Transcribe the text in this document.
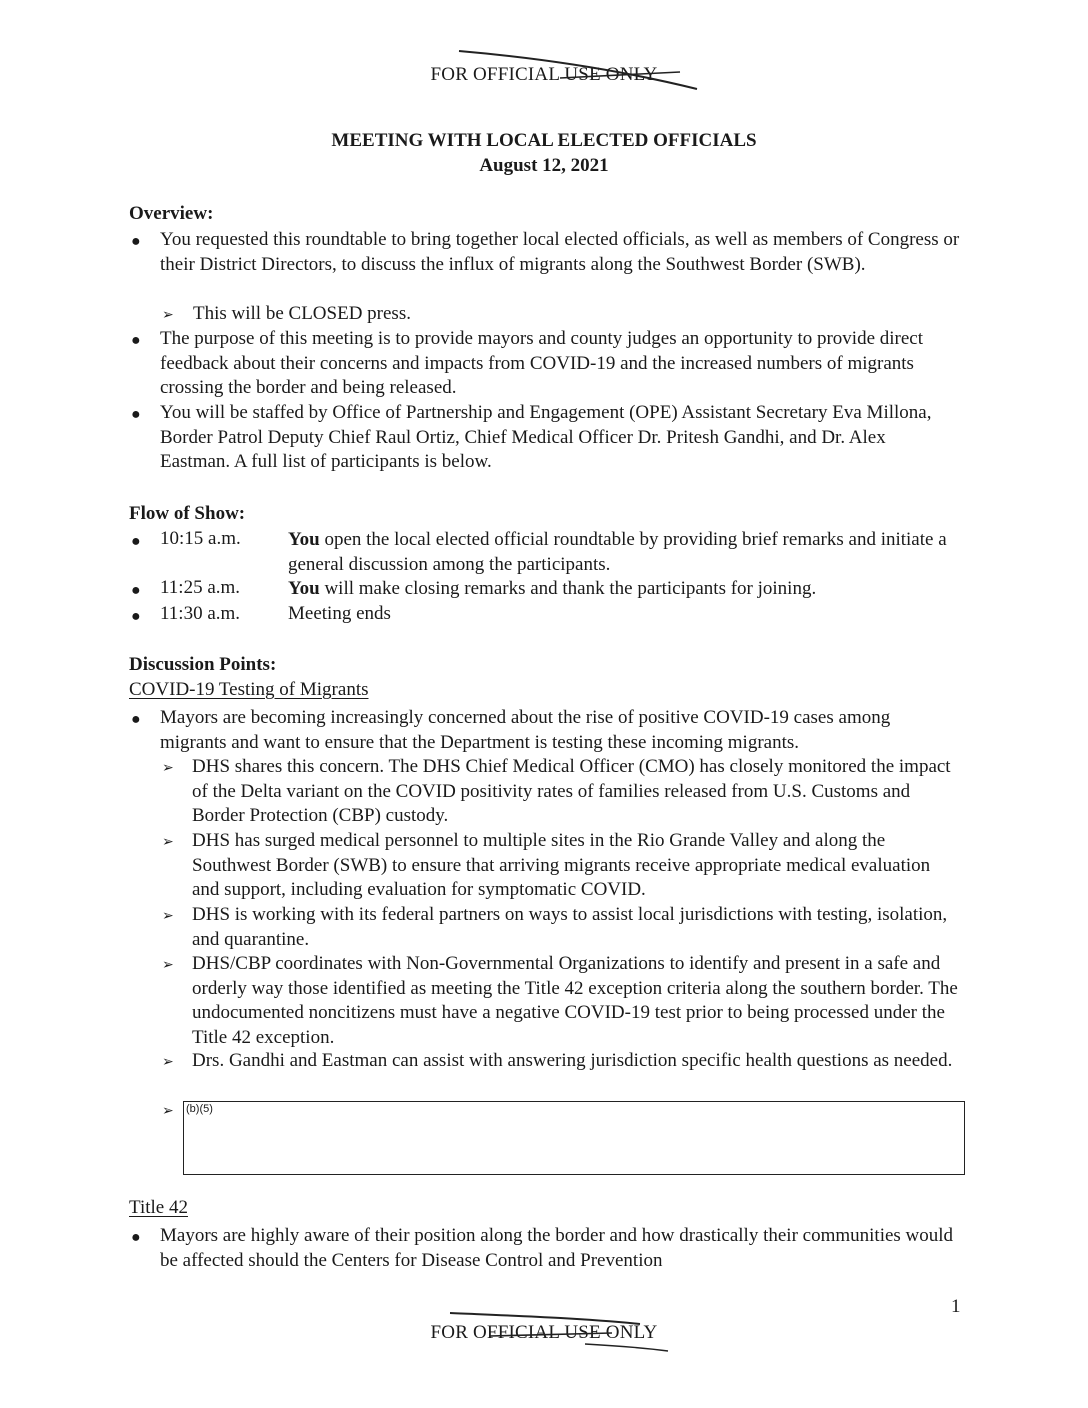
FOR OFFICIAL USE ONLY
MEETING WITH LOCAL ELECTED OFFICIALS
August 12, 2021
Overview:
● You requested this roundtable to bring together local elected officials, as well as members of Congress or their District Directors, to discuss the influx of migrants along the Southwest Border (SWB).
➢ This will be CLOSED press.
● The purpose of this meeting is to provide mayors and county judges an opportunity to provide direct feedback about their concerns and impacts from COVID-19 and the increased numbers of migrants crossing the border and being released.
● You will be staffed by Office of Partnership and Engagement (OPE) Assistant Secretary Eva Millona, Border Patrol Deputy Chief Raul Ortiz, Chief Medical Officer Dr. Pritesh Gandhi, and Dr. Alex Eastman. A full list of participants is below.
Flow of Show:
● 10:15 a.m. You open the local elected official roundtable by providing brief remarks and initiate a general discussion among the participants.
● 11:25 a.m.	You will make closing remarks and thank the participants for joining.
● 11:30 a.m.	Meeting ends
Discussion Points:
COVID-19 Testing of Migrants
● Mayors are becoming increasingly concerned about the rise of positive COVID-19 cases among migrants and want to ensure that the Department is testing these incoming migrants.
➢ DHS shares this concern. The DHS Chief Medical Officer (CMO) has closely monitored the impact of the Delta variant on the COVID positivity rates of families released from U.S. Customs and Border Protection (CBP) custody.
➢ DHS has surged medical personnel to multiple sites in the Rio Grande Valley and along the Southwest Border (SWB) to ensure that arriving migrants receive appropriate medical evaluation and support, including evaluation for symptomatic COVID.
➢ DHS is working with its federal partners on ways to assist local jurisdictions with testing, isolation, and quarantine.
➢ DHS/CBP coordinates with Non-Governmental Organizations to identify and present in a safe and orderly way those identified as meeting the Title 42 exception criteria along the southern border. The undocumented noncitizens must have a negative COVID-19 test prior to being processed under the Title 42 exception.
➢ Drs. Gandhi and Eastman can assist with answering jurisdiction specific health questions as needed.
➢ (b)(5)
Title 42
● Mayors are highly aware of their position along the border and how drastically their communities would be affected should the Centers for Disease Control and Prevention
1
FOR OFFICIAL USE ONLY
